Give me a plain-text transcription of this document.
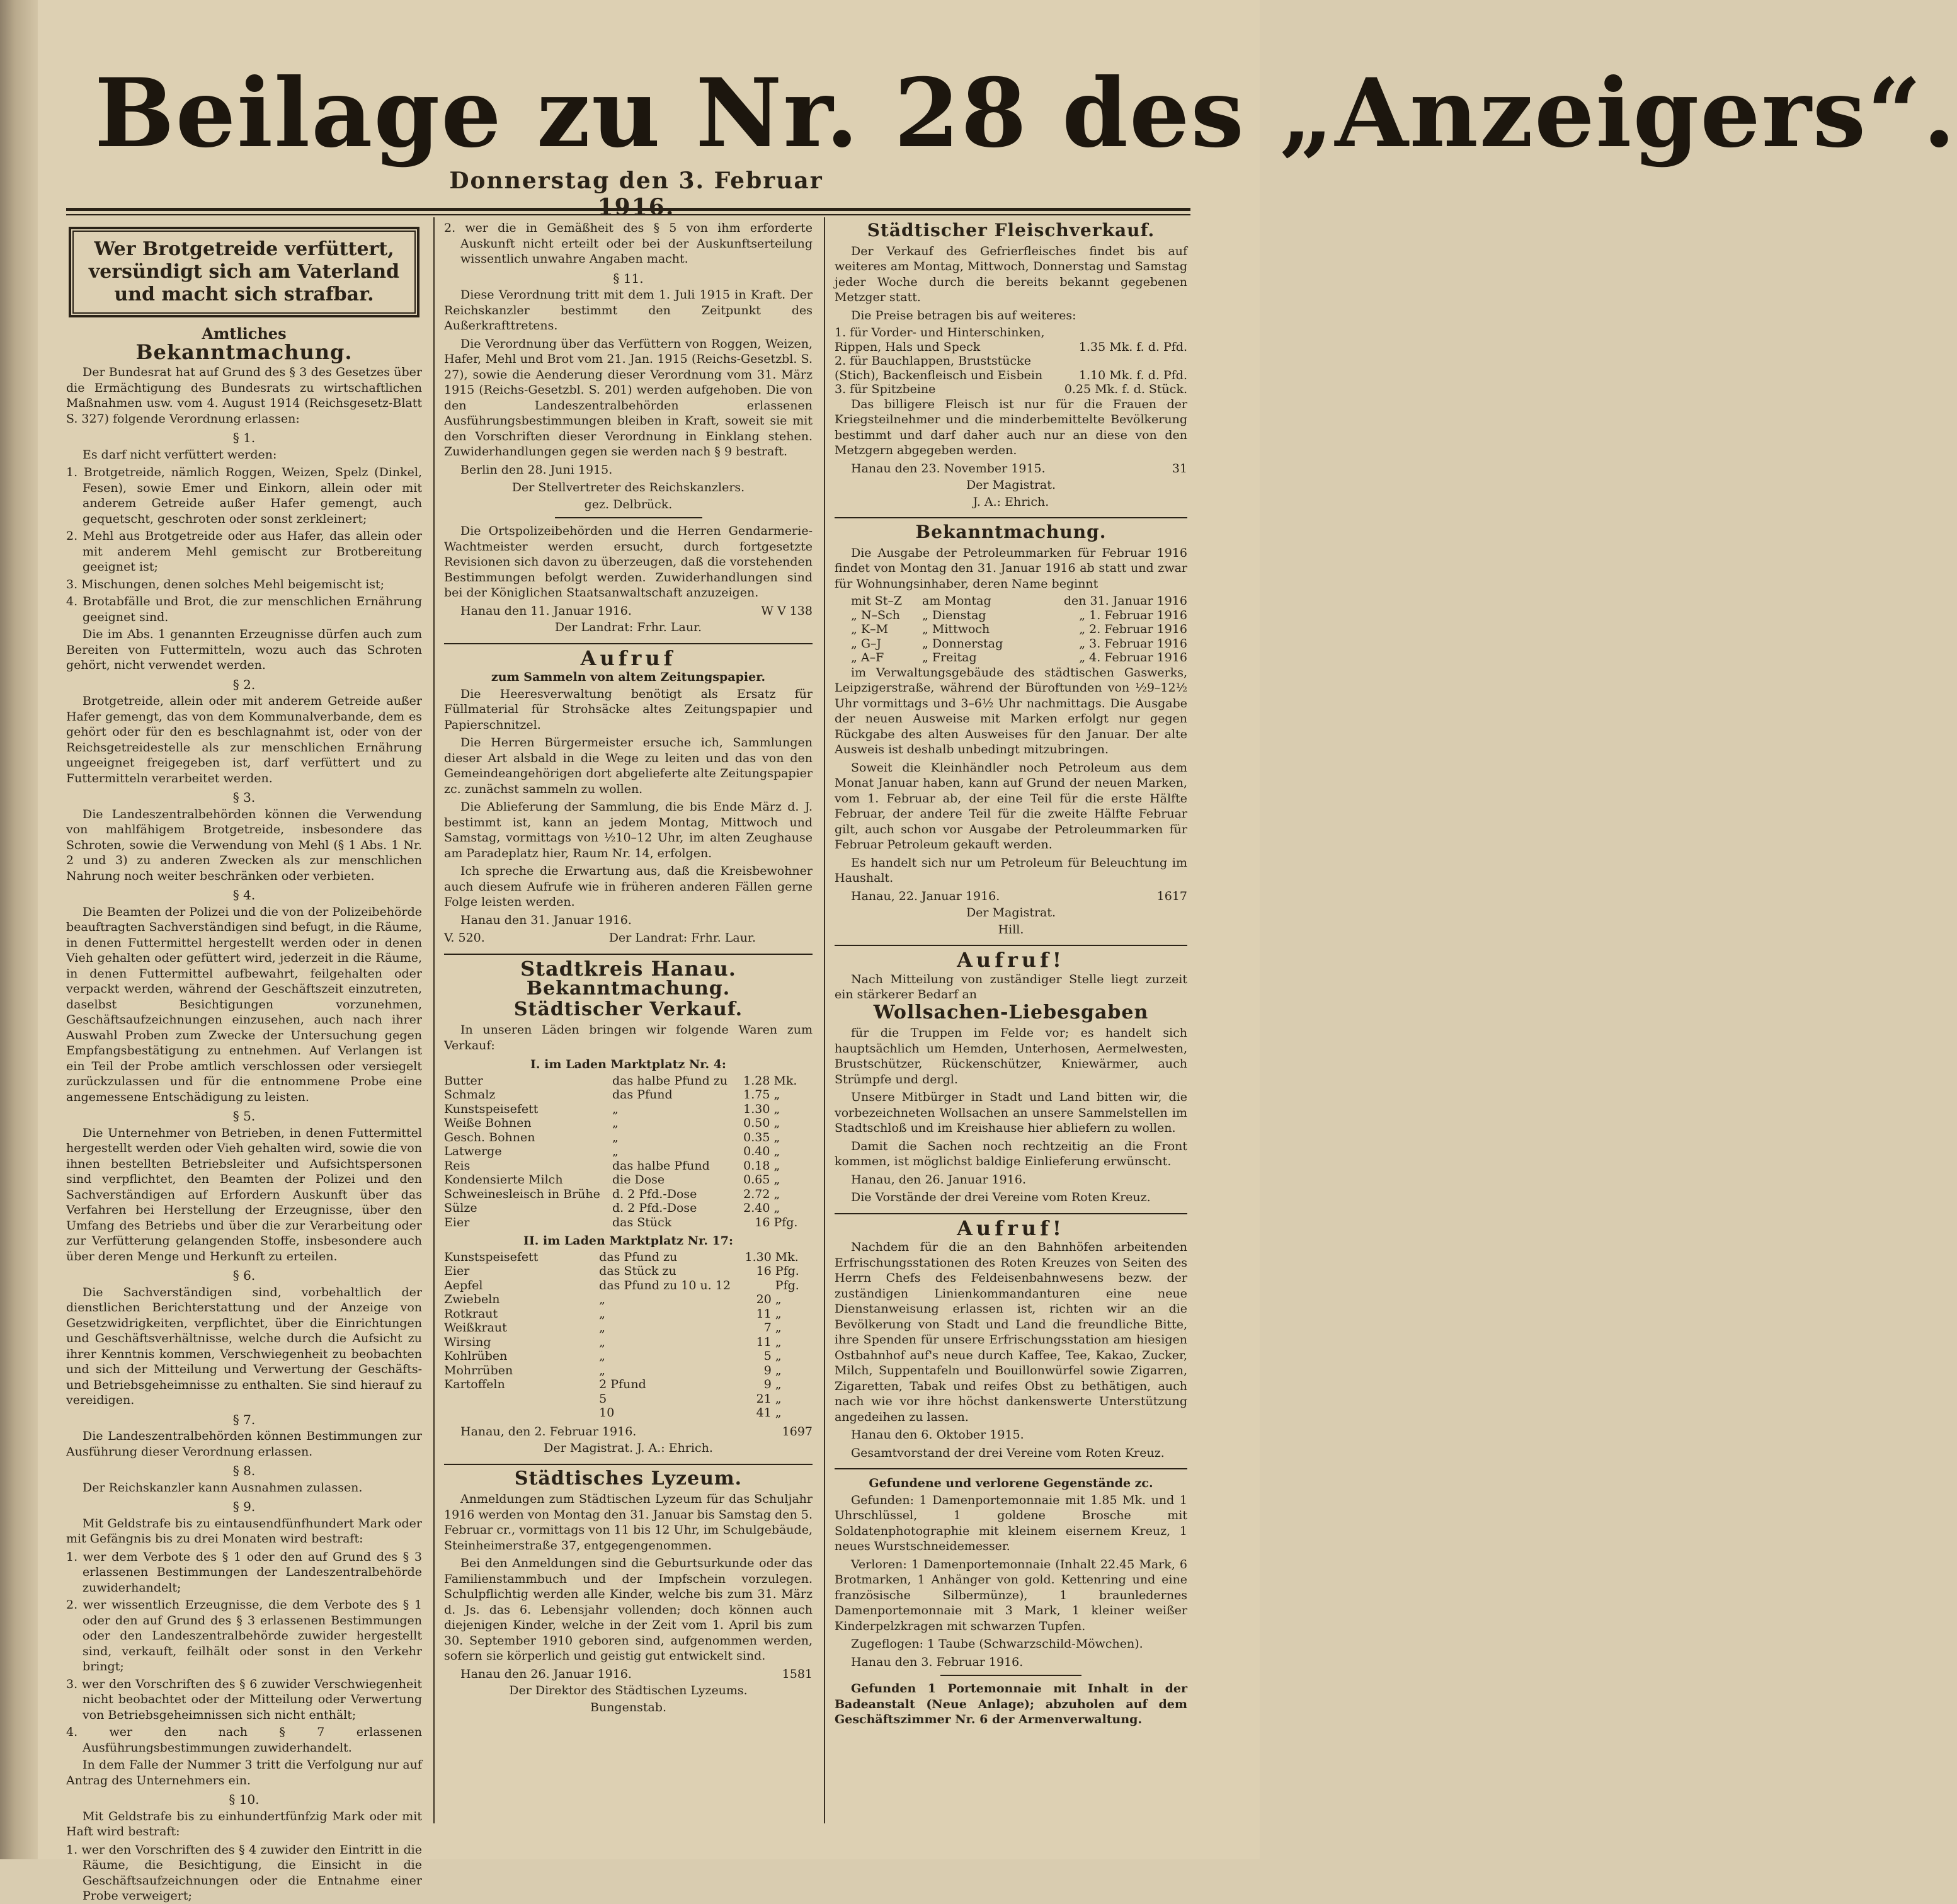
Beilage zu Nr. 28 des „Anzeigers“.
Donnerstag den 3. Februar 1916.
Wer Brotgetreide verfüttert, versündigt sich am Vaterland und macht sich strafbar.
Amtliches
Bekanntmachung.

Der Bundesrat hat auf Grund des § 3 des Gesetzes über die Ermächtigung des Bundesrats zu wirtschaftlichen Maßnahmen usw. vom 4. August 1914 (Reichsgesetz-Blatt S. 327) folgende Verordnung erlassen:

§ 1.

Es darf nicht verfüttert werden:

1. Brotgetreide, nämlich Roggen, Weizen, Spelz (Dinkel, Fesen), sowie Emer und Einkorn, allein oder mit anderem Getreide außer Hafer gemengt, auch gequetscht, geschroten oder sonst zerkleinert;
2. Mehl aus Brotgetreide oder aus Hafer, das allein oder mit anderem Mehl gemischt zur Brotbereitung geeignet ist;
3. Mischungen, denen solches Mehl beigemischt ist;
4. Brotabfälle und Brot, die zur menschlichen Ernährung geeignet sind.

Die im Abs. 1 genannten Erzeugnisse dürfen auch zum Bereiten von Futtermitteln, wozu auch das Schroten gehört, nicht verwendet werden.

§ 2.

Brotgetreide, allein oder mit anderem Getreide außer Hafer gemengt, das von dem Kommunalverbande, dem es gehört oder für den es beschlagnahmt ist, oder von der Reichsgetreidestelle als zur menschlichen Ernährung ungeeignet freigegeben ist, darf verfüttert und zu Futtermitteln verarbeitet werden.

§ 3.

Die Landeszentralbehörden können die Verwendung von mahlfähigem Brotgetreide, insbesondere das Schroten, sowie die Verwendung von Mehl (§ 1 Abs. 1 Nr. 2 und 3) zu anderen Zwecken als zur menschlichen Nahrung noch weiter beschränken oder verbieten.

§ 4.

Die Beamten der Polizei und die von der Polizeibehörde beauftragten Sachverständigen sind befugt, in die Räume, in denen Futtermittel hergestellt werden oder in denen Vieh gehalten oder gefüttert wird, jederzeit in die Räume, in denen Futtermittel aufbewahrt, feilgehalten oder verpackt werden, während der Geschäftszeit einzutreten, daselbst Besichtigungen vorzunehmen, Geschäftsaufzeichnungen einzusehen, auch nach ihrer Auswahl Proben zum Zwecke der Untersuchung gegen Empfangsbestätigung zu entnehmen. Auf Verlangen ist ein Teil der Probe amtlich verschlossen oder versiegelt zurückzulassen und für die entnommene Probe eine angemessene Entschädigung zu leisten.

§ 5.

Die Unternehmer von Betrieben, in denen Futtermittel hergestellt werden oder Vieh gehalten wird, sowie die von ihnen bestellten Betriebsleiter und Aufsichtspersonen sind verpflichtet, den Beamten der Polizei und den Sachverständigen auf Erfordern Auskunft über das Verfahren bei Herstellung der Erzeugnisse, über den Umfang des Betriebs und über die zur Verarbeitung oder zur Verfütterung gelangenden Stoffe, insbesondere auch über deren Menge und Herkunft zu erteilen.

§ 6.

Die Sachverständigen sind, vorbehaltlich der dienstlichen Berichterstattung und der Anzeige von Gesetzwidrigkeiten, verpflichtet, über die Einrichtungen und Geschäftsverhältnisse, welche durch die Aufsicht zu ihrer Kenntnis kommen, Verschwiegenheit zu beobachten und sich der Mitteilung und Verwertung der Geschäfts- und Betriebsgeheimnisse zu enthalten. Sie sind hierauf zu vereidigen.

§ 7.

Die Landeszentralbehörden können Bestimmungen zur Ausführung dieser Verordnung erlassen.

§ 8.

Der Reichskanzler kann Ausnahmen zulassen.

§ 9.

Mit Geldstrafe bis zu eintausendfünfhundert Mark oder mit Gefängnis bis zu drei Monaten wird bestraft:

1. wer dem Verbote des § 1 oder den auf Grund des § 3 erlassenen Bestimmungen der Landeszentralbehörde zuwiderhandelt;
2. wer wissentlich Erzeugnisse, die dem Verbote des § 1 oder den auf Grund des § 3 erlassenen Bestimmungen oder den Landeszentralbehörde zuwider hergestellt sind, verkauft, feilhält oder sonst in den Verkehr bringt;
3. wer den Vorschriften des § 6 zuwider Verschwiegenheit nicht beobachtet oder der Mitteilung oder Verwertung von Betriebsgeheimnissen sich nicht enthält;
4. wer den nach § 7 erlassenen Ausführungsbestimmungen zuwiderhandelt.

In dem Falle der Nummer 3 tritt die Verfolgung nur auf Antrag des Unternehmers ein.

§ 10.

Mit Geldstrafe bis zu einhundertfünfzig Mark oder mit Haft wird bestraft:

1. wer den Vorschriften des § 4 zuwider den Eintritt in die Räume, die Besichtigung, die Einsicht in die Geschäftsaufzeichnungen oder die Entnahme einer Probe verweigert;
2. wer die in Gemäßheit des § 5 von ihm erforderte Auskunft nicht erteilt oder bei der Auskunftserteilung wissentlich unwahre Angaben macht.
§ 11.

Diese Verordnung tritt mit dem 1. Juli 1915 in Kraft. Der Reichskanzler bestimmt den Zeitpunkt des Außerkrafttretens.

Die Verordnung über das Verfüttern von Roggen, Weizen, Hafer, Mehl und Brot vom 21. Jan. 1915 (Reichs-Gesetzbl. S. 27), sowie die Aenderung dieser Verordnung vom 31. März 1915 (Reichs-Gesetzbl. S. 201) werden aufgehoben. Die von den Landeszentralbehörden erlassenen Ausführungsbestimmungen bleiben in Kraft, soweit sie mit den Vorschriften dieser Verordnung in Einklang stehen. Zuwiderhandlungen gegen sie werden nach § 9 bestraft.

Berlin den 28. Juni 1915.

Der Stellvertreter des Reichskanzlers.
gez. Delbrück.

Die Ortspolizeibehörden und die Herren Gendarmerie-Wachtmeister werden ersucht, durch fortgesetzte Revisionen sich davon zu überzeugen, daß die vorstehenden Bestimmungen befolgt werden. Zuwiderhandlungen sind bei der Königlichen Staatsanwaltschaft anzuzeigen.

Hanau den 11. Januar 1916.	W V 138
Der Landrat: Frhr. Laur.
Aufruf
zum Sammeln von altem Zeitungspapier.

Die Heeresverwaltung benötigt als Ersatz für Füllmaterial für Strohsäcke altes Zeitungspapier und Papierschnitzel.

Die Herren Bürgermeister ersuche ich, Sammlungen dieser Art alsbald in die Wege zu leiten und das von den Gemeindeangehörigen dort abgelieferte alte Zeitungspapier zc. zunächst sammeln zu wollen.

Die Ablieferung der Sammlung, die bis Ende März d. J. bestimmt ist, kann an jedem Montag, Mittwoch und Samstag, vormittags von ½10–12 Uhr, im alten Zeughause am Paradeplatz hier, Raum Nr. 14, erfolgen.

Ich spreche die Erwartung aus, daß die Kreisbewohner auch diesem Aufrufe wie in früheren anderen Fällen gerne Folge leisten werden.

Hanau den 31. Januar 1916.

V. 520.	Der Landrat: Frhr. Laur.
Stadtkreis Hanau.
Bekanntmachung.
Städtischer Verkauf.

In unseren Läden bringen wir folgende Waren zum Verkauf:

I. im Laden Marktplatz Nr. 4:
Butter	das halbe Pfund zu	1.28	Mk.
Schmalz	das Pfund	1.75	„
Kunstspeisefett	„	1.30	„
Weiße Bohnen	„	0.50	„
Gesch. Bohnen	„	0.35	„
Latwerge	„	0.40	„
Reis	das halbe Pfund	0.18	„
Kondensierte Milch	die Dose	0.65	„
Schweinesleisch in Brühe	d. 2 Pfd.-Dose	2.72	„
Sülze	d. 2 Pfd.-Dose	2.40	„
Eier	das Stück	16	Pfg.
II. im Laden Marktplatz Nr. 17:
Kunstspeisefett	das Pfund zu	1.30	Mk.
Eier	das Stück zu	16	Pfg.
Aepfel	das Pfund zu 10 u. 12		Pfg.
Zwiebeln	„	20	„
Rotkraut	„	11	„
Weißkraut	„	7	„
Wirsing	„	11	„
Kohlrüben	„	5	„
Mohrrüben	„	9	„
Kartoffeln	2 Pfund	9	„
	5	21	„
	10	41	„
Hanau, den 2. Februar 1916.	1697
Der Magistrat. J. A.: Ehrich.
Städtisches Lyzeum.

Anmeldungen zum Städtischen Lyzeum für das Schuljahr 1916 werden von Montag den 31. Januar bis Samstag den 5. Februar cr., vormittags von 11 bis 12 Uhr, im Schulgebäude, Steinheimerstraße 37, entgegengenommen.

Bei den Anmeldungen sind die Geburtsurkunde oder das Familienstammbuch und der Impfschein vorzulegen. Schulpflichtig werden alle Kinder, welche bis zum 31. März d. Js. das 6. Lebensjahr vollenden; doch können auch diejenigen Kinder, welche in der Zeit vom 1. April bis zum 30. September 1910 geboren sind, aufgenommen werden, sofern sie körperlich und geistig gut entwickelt sind.

Hanau den 26. Januar 1916.	1581
Der Direktor des Städtischen Lyzeums.
Bungenstab.
Städtischer Fleischverkauf.

Der Verkauf des Gefrierfleisches findet bis auf weiteres am Montag, Mittwoch, Donnerstag und Samstag jeder Woche durch die bereits bekannt gegebenen Metzger statt.

Die Preise betragen bis auf weiteres:

1. für Vorder- und Hinterschinken, Rippen, Hals und Speck	1.35 Mk. f. d. Pfd.
2. für Bauchlappen, Bruststücke (Stich), Backenfleisch und Eisbein	1.10 Mk. f. d. Pfd.
3. für Spitzbeine	0.25 Mk. f. d. Stück.

Das billigere Fleisch ist nur für die Frauen der Kriegsteilnehmer und die minderbemittelte Bevölkerung bestimmt und darf daher auch nur an diese von den Metzgern abgegeben werden.

Hanau den 23. November 1915.	31
Der Magistrat.
J. A.: Ehrich.
Bekanntmachung.

Die Ausgabe der Petroleummarken für Februar 1916 findet von Montag den 31. Januar 1916 ab statt und zwar für Wohnungsinhaber, deren Name beginnt

mit St–Z	am Montag	den 31. Januar 1916
„ N–Sch	„ Dienstag	„ 1. Februar 1916
„ K–M	„ Mittwoch	„ 2. Februar 1916
„ G–J	„ Donnerstag	„ 3. Februar 1916
„ A–F	„ Freitag	„ 4. Februar 1916

im Verwaltungsgebäude des städtischen Gaswerks, Leipzigerstraße, während der Büroftunden von ½9–12½ Uhr vormittags und 3–6½ Uhr nachmittags. Die Ausgabe der neuen Ausweise mit Marken erfolgt nur gegen Rückgabe des alten Ausweises für den Januar. Der alte Ausweis ist deshalb unbedingt mitzubringen.

Soweit die Kleinhändler noch Petroleum aus dem Monat Januar haben, kann auf Grund der neuen Marken, vom 1. Februar ab, der eine Teil für die erste Hälfte Februar, der andere Teil für die zweite Hälfte Februar gilt, auch schon vor Ausgabe der Petroleummarken für Februar Petroleum gekauft werden.

Es handelt sich nur um Petroleum für Beleuchtung im Haushalt.

Hanau, 22. Januar 1916.	1617
Der Magistrat.
Hill.
Aufruf!

Nach Mitteilung von zuständiger Stelle liegt zurzeit ein stärkerer Bedarf an

Wollsachen-Liebesgaben

für die Truppen im Felde vor; es handelt sich hauptsächlich um Hemden, Unterhosen, Aermelwesten, Brustschützer, Rückenschützer, Kniewärmer, auch Strümpfe und dergl.

Unsere Mitbürger in Stadt und Land bitten wir, die vorbezeichneten Wollsachen an unsere Sammelstellen im Stadtschloß und im Kreishause hier abliefern zu wollen.

Damit die Sachen noch rechtzeitig an die Front kommen, ist möglichst baldige Einlieferung erwünscht.

Hanau, den 26. Januar 1916.

Die Vorstände der drei Vereine vom Roten Kreuz.

Aufruf!

Nachdem für die an den Bahnhöfen arbeitenden Erfrischungsstationen des Roten Kreuzes von Seiten des Herrn Chefs des Feldeisenbahnwesens bezw. der zuständigen Linienkommandanturen eine neue Dienstanweisung erlassen ist, richten wir an die Bevölkerung von Stadt und Land die freundliche Bitte, ihre Spenden für unsere Erfrischungsstation am hiesigen Ostbahnhof auf's neue durch Kaffee, Tee, Kakao, Zucker, Milch, Suppentafeln und Bouillonwürfel sowie Zigarren, Zigaretten, Tabak und reifes Obst zu bethätigen, auch nach wie vor ihre höchst dankenswerte Unterstützung angedeihen zu lassen.

Hanau den 6. Oktober 1915.

Gesamtvorstand der drei Vereine vom Roten Kreuz.

Gefundene und verlorene Gegenstände zc.

Gefunden: 1 Damenportemonnaie mit 1.85 Mk. und 1 Uhrschlüssel, 1 goldene Brosche mit Soldatenphotographie mit kleinem eisernem Kreuz, 1 neues Wurstschneidemesser.

Verloren: 1 Damenportemonnaie (Inhalt 22.45 Mark, 6 Brotmarken, 1 Anhänger von gold. Kettenring und eine französische Silbermünze), 1 braunledernes Damenportemonnaie mit 3 Mark, 1 kleiner weißer Kinderpelzkragen mit schwarzen Tupfen.

Zugeflogen: 1 Taube (Schwarzschild-Möwchen).

Hanau den 3. Februar 1916.

Gefunden 1 Portemonnaie mit Inhalt in der Badeanstalt (Neue Anlage); abzuholen auf dem Geschäftszimmer Nr. 6 der Armenverwaltung.
